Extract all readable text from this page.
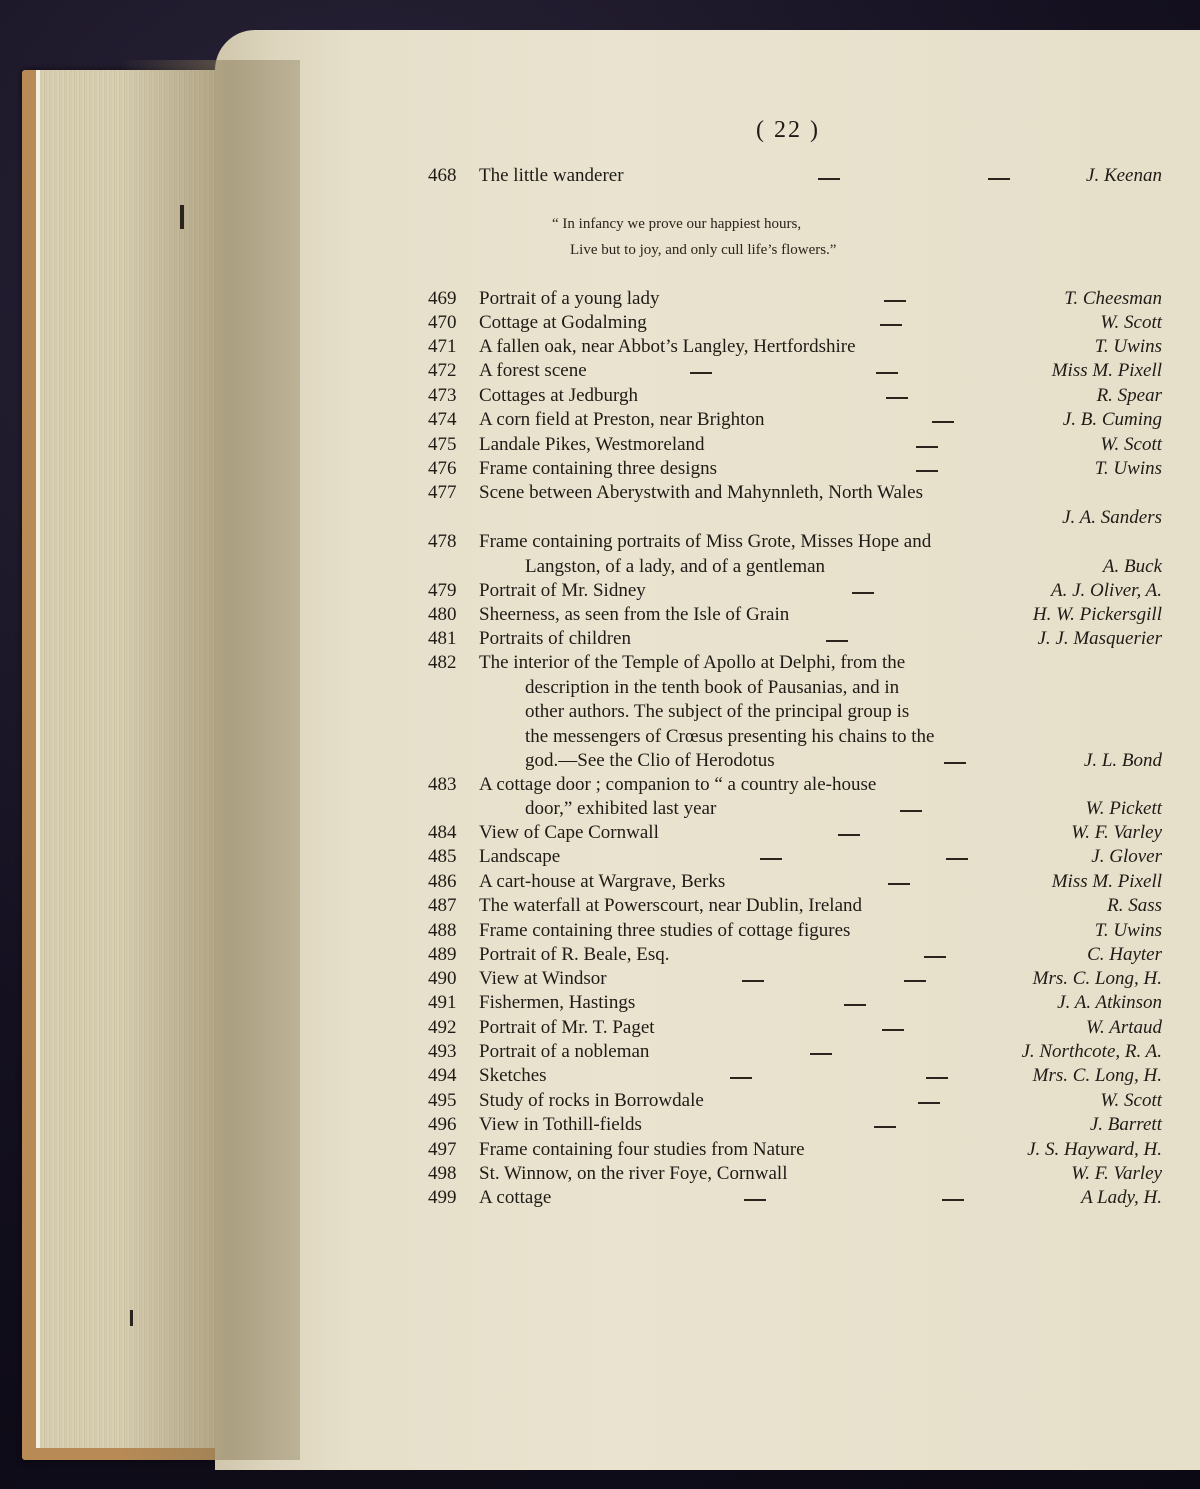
( 22 )
“ In infancy we prove our happiest hours,
Live but to joy, and only cull life’s flowers.”
468	The little wanderer	J. Keenan
469	Portrait of a young lady	T. Cheesman
470	Cottage at Godalming	W. Scott
471	A fallen oak, near Abbot’s Langley, Hertfordshire	T. Uwins
472	A forest scene	Miss M. Pixell
473	Cottages at Jedburgh	R. Spear
474	A corn field at Preston, near Brighton	J. B. Cuming
475	Landale Pikes, Westmoreland	W. Scott
476	Frame containing three designs	T. Uwins
477	Scene between Aberystwith and Mahynnleth, North Wales
J. A. Sanders
478	Frame containing portraits of Miss Grote, Misses Hope and
Langston, of a lady, and of a gentleman	A. Buck
479	Portrait of Mr. Sidney	A. J. Oliver, A.
480	Sheerness, as seen from the Isle of Grain	H. W. Pickersgill
481	Portraits of children	J. J. Masquerier
482	The interior of the Temple of Apollo at Delphi, from the
description in the tenth book of Pausanias, and in
other authors. The subject of the principal group is
the messengers of Crœsus presenting his chains to the
god.—See the Clio of Herodotus	J. L. Bond
483	A cottage door ; companion to “ a country ale-house
door,” exhibited last year	W. Pickett
484	View of Cape Cornwall	W. F. Varley
485	Landscape	J. Glover
486	A cart-house at Wargrave, Berks	Miss M. Pixell
487	The waterfall at Powerscourt, near Dublin, Ireland	R. Sass
488	Frame containing three studies of cottage figures	T. Uwins
489	Portrait of R. Beale, Esq.	C. Hayter
490	View at Windsor	Mrs. C. Long, H.
491	Fishermen, Hastings	J. A. Atkinson
492	Portrait of Mr. T. Paget	W. Artaud
493	Portrait of a nobleman	J. Northcote, R. A.
494	Sketches	Mrs. C. Long, H.
495	Study of rocks in Borrowdale	W. Scott
496	View in Tothill-fields	J. Barrett
497	Frame containing four studies from Nature	J. S. Hayward, H.
498	St. Winnow, on the river Foye, Cornwall	W. F. Varley
499	A cottage	A Lady, H.
